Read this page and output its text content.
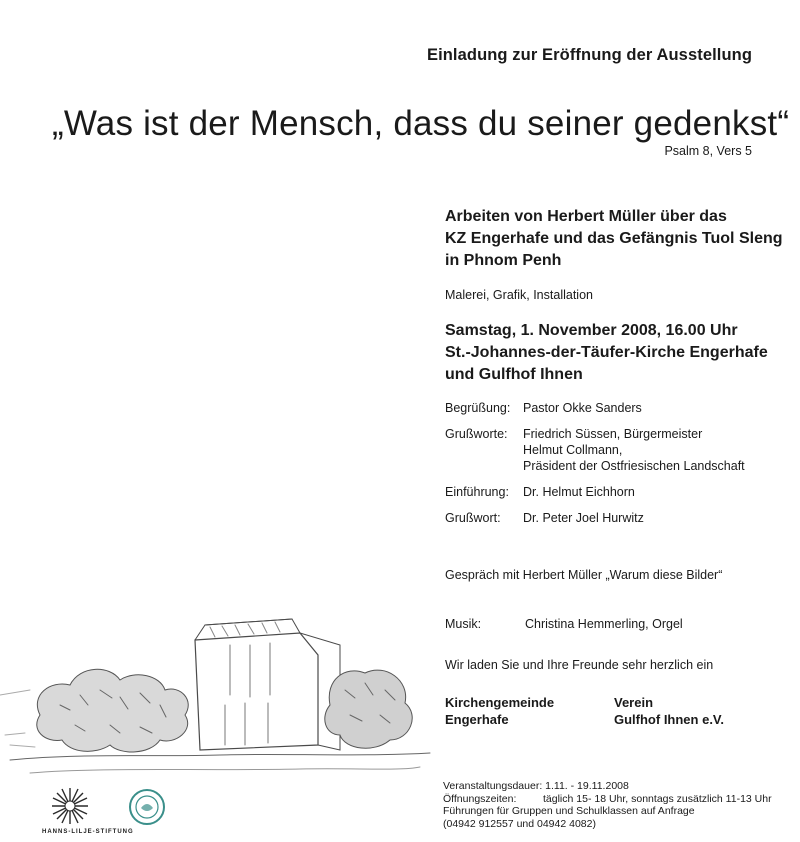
Einladung zur Eröffnung der Ausstellung
„Was ist der Mensch, dass du seiner gedenkst“
Psalm 8, Vers 5
Arbeiten von Herbert Müller über das
KZ Engerhafe und das Gefängnis Tuol Sleng
in Phnom Penh
Malerei, Grafik, Installation
Samstag, 1. November 2008, 16.00 Uhr
St.-Johannes-der-Täufer-Kirche Engerhafe
und Gulfhof Ihnen
Begrüßung:	Pastor Okke Sanders
Grußworte:	Friedrich Süssen, Bürgermeister
Helmut Collmann,
Präsident der Ostfriesischen Landschaft
Einführung:	Dr. Helmut Eichhorn
Grußwort:	Dr. Peter Joel Hurwitz
Gespräch mit Herbert Müller „Warum diese Bilder“
Musik:	Christina Hemmerling, Orgel
Wir laden Sie und Ihre Freunde sehr herzlich ein
Kirchengemeinde
Engerhafe
Verein
Gulfhof Ihnen e.V.
Veranstaltungsdauer: 1.11. - 19.11.2008
Öffnungszeiten:	täglich 15- 18 Uhr, sonntags zusätzlich 11-13 Uhr
Führungen für Gruppen und Schulklassen auf Anfrage
(04942 912557 und 04942 4082)
HANNS-LILJE-STIFTUNG
